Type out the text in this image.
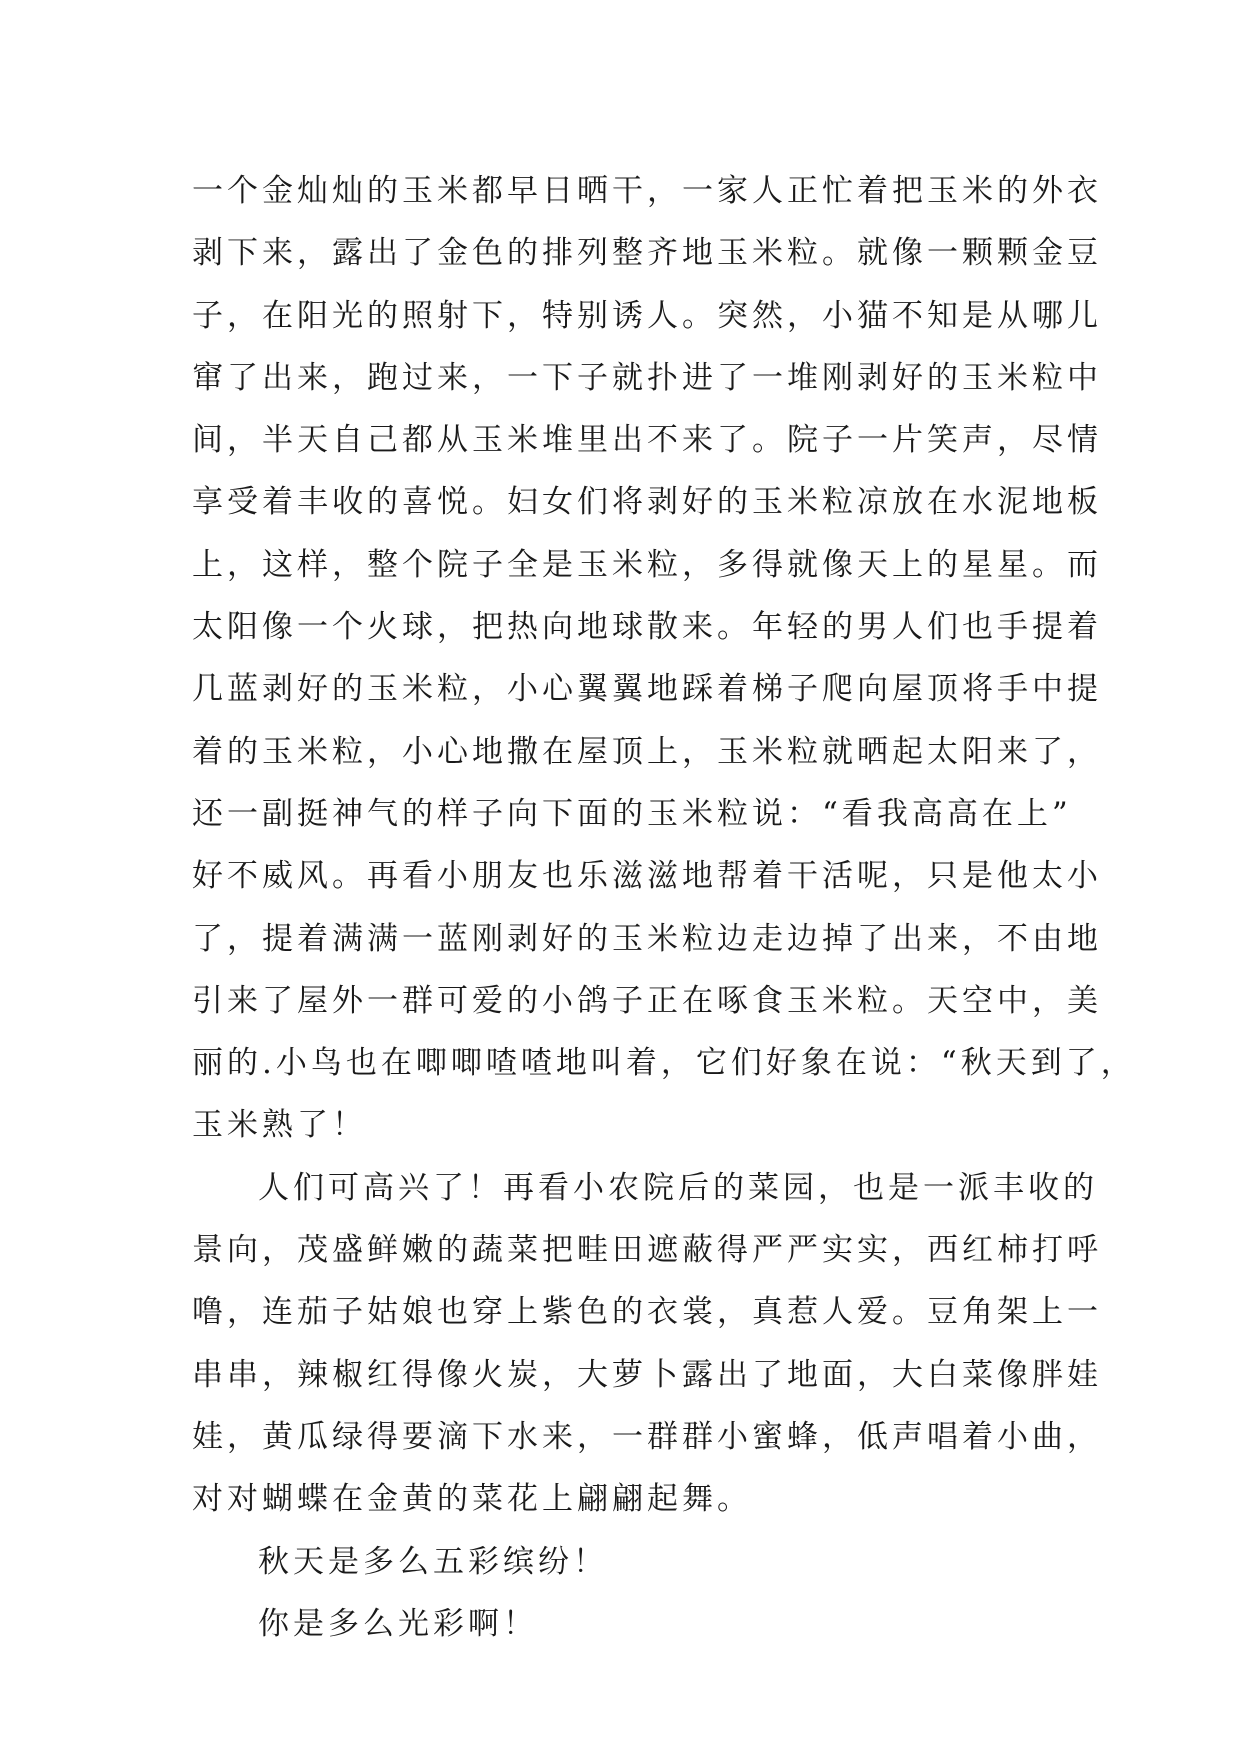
一个金灿灿的玉米都早日晒干，一家人正忙着把玉米的外衣
剥下来，露出了金色的排列整齐地玉米粒。就像一颗颗金豆
子，在阳光的照射下，特别诱人。突然，小猫不知是从哪儿
窜了出来，跑过来，一下子就扑进了一堆刚剥好的玉米粒中
间，半天自己都从玉米堆里出不来了。院子一片笑声，尽情
享受着丰收的喜悦。妇女们将剥好的玉米粒凉放在水泥地板
上，这样，整个院子全是玉米粒，多得就像天上的星星。而
太阳像一个火球，把热向地球散来。年轻的男人们也手提着
几蓝剥好的玉米粒，小心翼翼地踩着梯子爬向屋顶将手中提
着的玉米粒，小心地撒在屋顶上，玉米粒就晒起太阳来了，
还一副挺神气的样子向下面的玉米粒说：“看我高高在上”
好不威风。再看小朋友也乐滋滋地帮着干活呢，只是他太小
了，提着满满一蓝刚剥好的玉米粒边走边掉了出来，不由地
引来了屋外一群可爱的小鸽子正在啄食玉米粒。天空中，美
丽的.小鸟也在唧唧喳喳地叫着，它们好象在说：“秋天到了，
玉米熟了！
人们可高兴了！再看小农院后的菜园，也是一派丰收的
景向，茂盛鲜嫩的蔬菜把畦田遮蔽得严严实实，西红柿打呼
噜，连茄子姑娘也穿上紫色的衣裳，真惹人爱。豆角架上一
串串，辣椒红得像火炭，大萝卜露出了地面，大白菜像胖娃
娃，黄瓜绿得要滴下水来，一群群小蜜蜂，低声唱着小曲，
对对蝴蝶在金黄的菜花上翩翩起舞。
秋天是多么五彩缤纷！
你是多么光彩啊！
